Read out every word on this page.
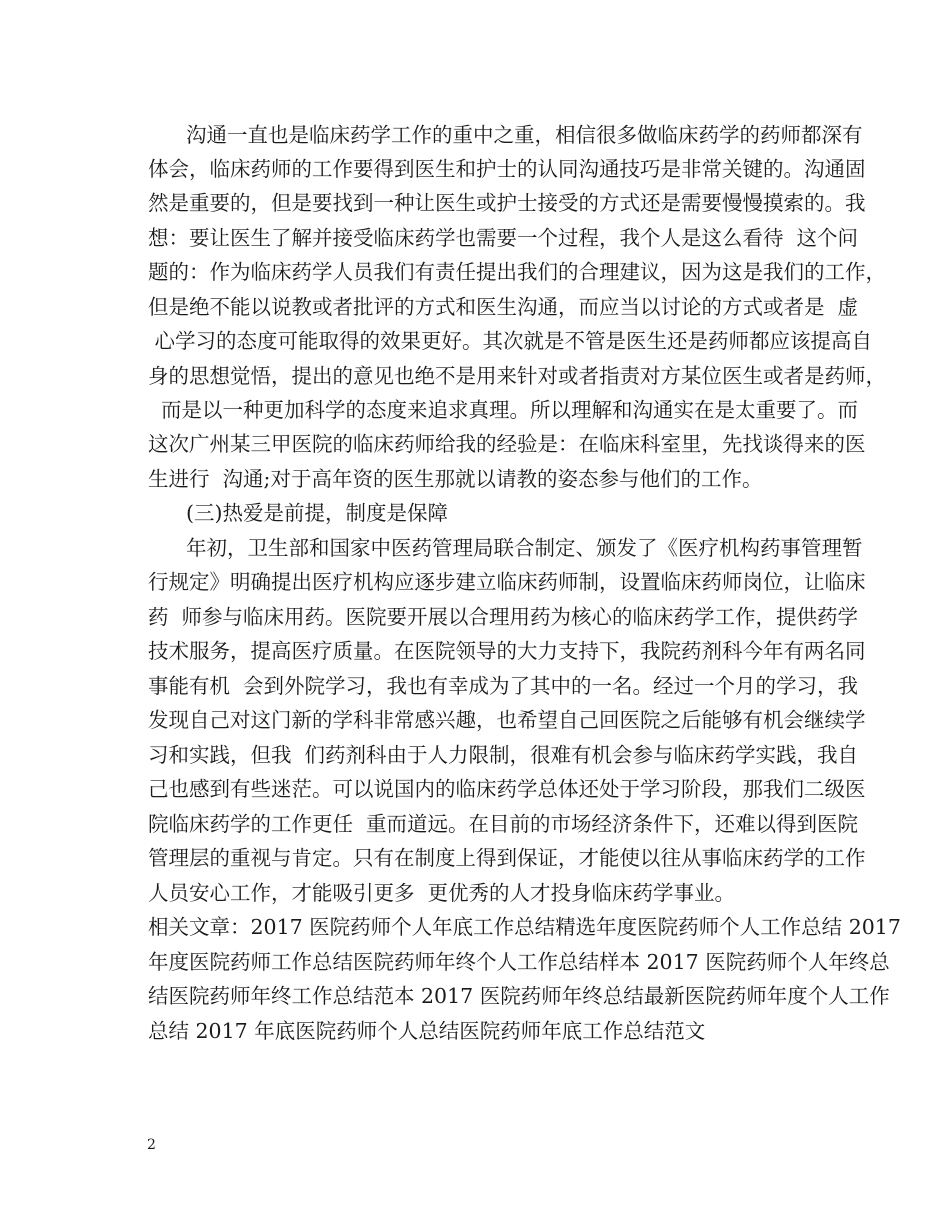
沟通一直也是临床药学工作的重中之重，相信很多做临床药学的药师都深有
体会，临床药师的工作要得到医生和护士的认同沟通技巧是非常关键的。沟通固
然是重要的，但是要找到一种让医生或护士接受的方式还是需要慢慢摸索的。我
想：要让医生了解并接受临床药学也需要一个过程，我个人是这么看待  这个问
题的：作为临床药学人员我们有责任提出我们的合理建议，因为这是我们的工作，
但是绝不能以说教或者批评的方式和医生沟通，而应当以讨论的方式或者是  虚
心学习的态度可能取得的效果更好。其次就是不管是医生还是药师都应该提高自
身的思想觉悟，提出的意见也绝不是用来针对或者指责对方某位医生或者是药师，
而是以一种更加科学的态度来追求真理。所以理解和沟通实在是太重要了。而
这次广州某三甲医院的临床药师给我的经验是：在临床科室里，先找谈得来的医
生进行  沟通;对于高年资的医生那就以请教的姿态参与他们的工作。
(三)热爱是前提，制度是保障
年初，卫生部和国家中医药管理局联合制定、颁发了《医疗机构药事管理暂
行规定》明确提出医疗机构应逐步建立临床药师制，设置临床药师岗位，让临床
药  师参与临床用药。医院要开展以合理用药为核心的临床药学工作，提供药学
技术服务，提高医疗质量。在医院领导的大力支持下，我院药剂科今年有两名同
事能有机  会到外院学习，我也有幸成为了其中的一名。经过一个月的学习，我
发现自己对这门新的学科非常感兴趣，也希望自己回医院之后能够有机会继续学
习和实践，但我  们药剂科由于人力限制，很难有机会参与临床药学实践，我自
己也感到有些迷茫。可以说国内的临床药学总体还处于学习阶段，那我们二级医
院临床药学的工作更任  重而道远。在目前的市场经济条件下，还难以得到医院
管理层的重视与肯定。只有在制度上得到保证，才能使以往从事临床药学的工作
人员安心工作，才能吸引更多  更优秀的人才投身临床药学事业。
相关文章：2017 医院药师个人年底工作总结精选年度医院药师个人工作总结 2017
年度医院药师工作总结医院药师年终个人工作总结样本 2017 医院药师个人年终总
结医院药师年终工作总结范本 2017 医院药师年终总结最新医院药师年度个人工作
总结 2017 年底医院药师个人总结医院药师年底工作总结范文
2
